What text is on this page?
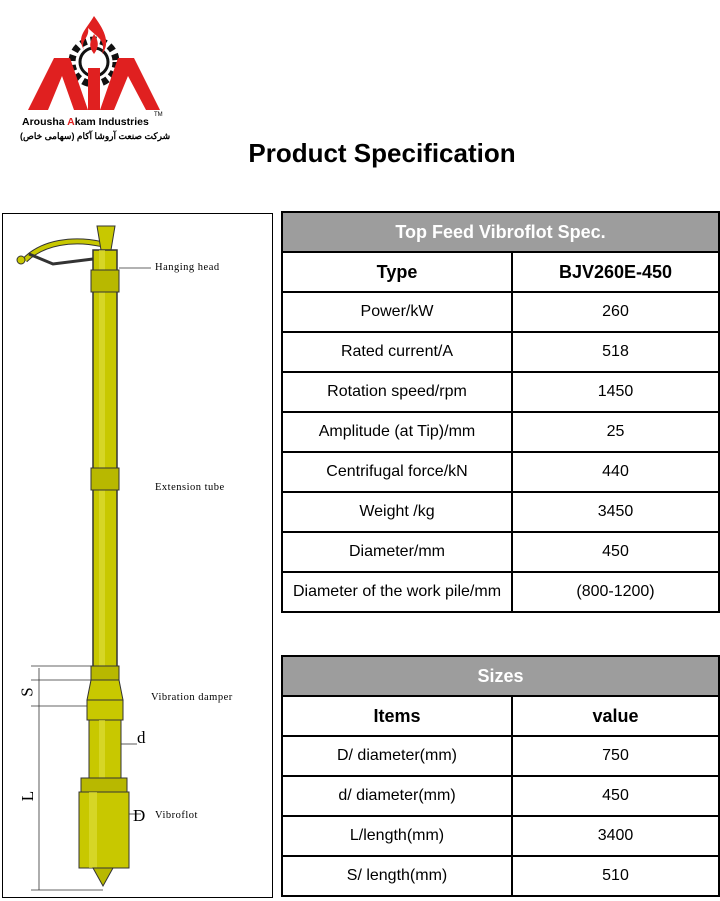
TM
Arousha Akam Industries
شرکت صنعت آروشا آکام (سهامی خاص)
Product Specification
Hanging head
Extension tube
Vibration damper
Vibroflot
S
d
L
D
Top Feed Vibroflot Spec.	
Type	BJV260E-450
Power/kW	260
Rated current/A	518
Rotation speed/rpm	1450
Amplitude (at Tip)/mm	25
Centrifugal force/kN	440
Weight /kg	3450
Diameter/mm	450
Diameter of the work pile/mm	(800-1200)
Sizes	
Items	value
D/ diameter(mm)	750
d/ diameter(mm)	450
L/length(mm)	3400
S/ length(mm)	510
